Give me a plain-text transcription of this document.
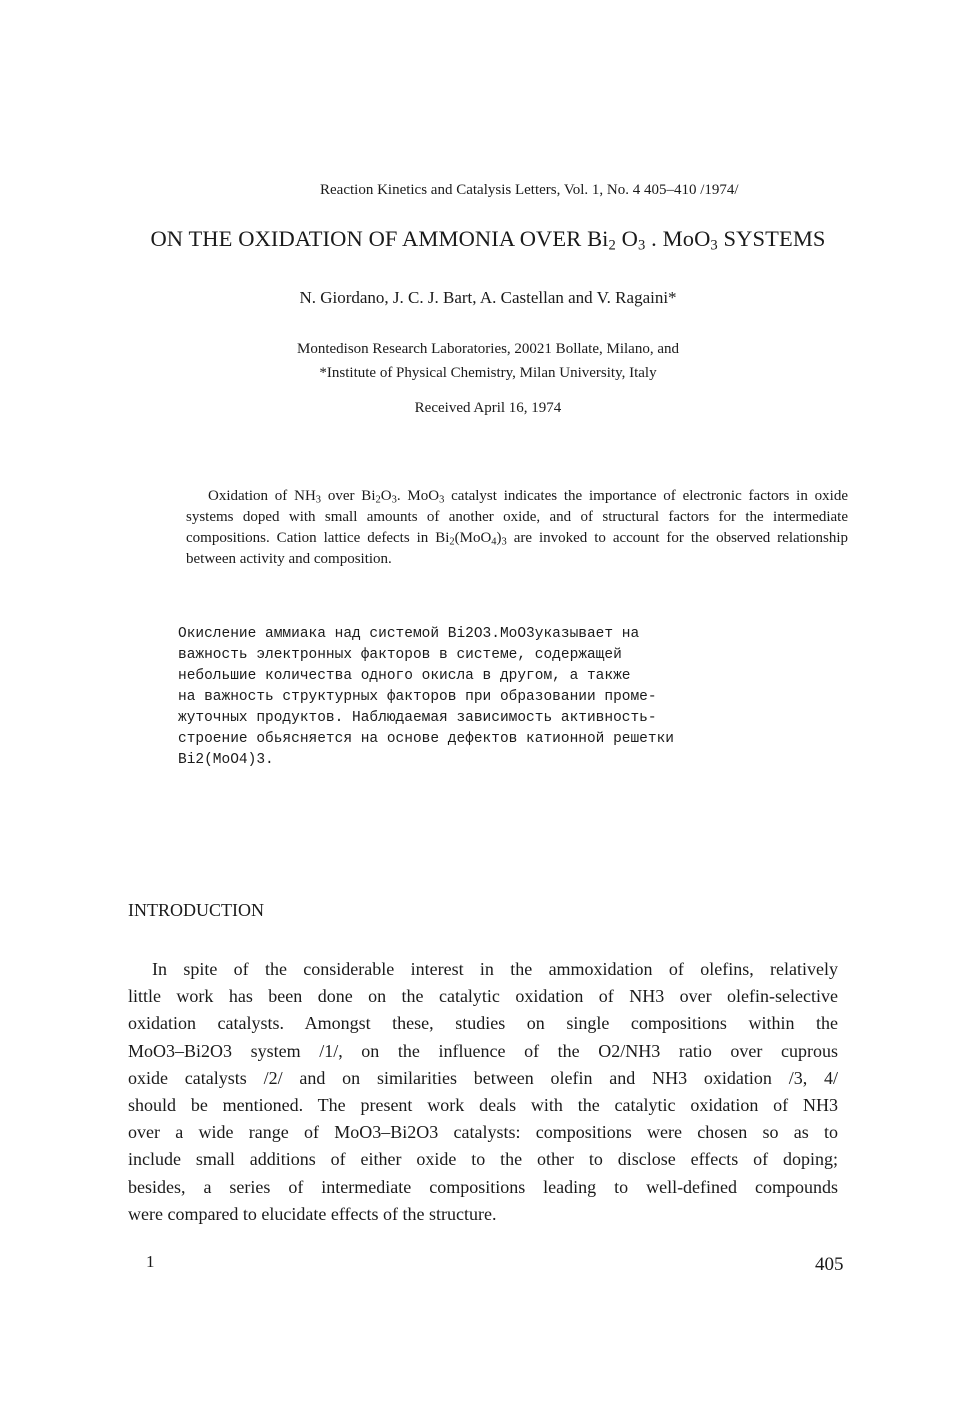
Reaction Kinetics and Catalysis Letters, Vol. 1, No. 4 405–410 /1974/
ON THE OXIDATION OF AMMONIA OVER $Bi_2$ $O_3$ . MoO$_3$ SYSTEMS
N. Giordano, J. C. J. Bart, A. Castellan and V. Ragaini*
Montedison Research Laboratories, 20021 Bollate, Milano, and
*Institute of Physical Chemistry, Milan University, Italy
Received April 16, 1974
Oxidation of $NH_3$ over $Bi_2O_3$. MoO$_3$ catalyst indicates the importance of electronic factors in oxide systems doped with small amounts of another oxide, and of structural factors for the intermediate compositions. Cation lattice defects in $Bi_2(MoO_4)_3$ are invoked to account for the observed relationship between activity and composition.
Окисление аммиака над системой Bi2O3.MoO3указывает на
важность электронных факторов в системе, содержащей
небольшие количества одного окисла в другом, а также
на важность структурных факторов при образовании проме-
жуточных продуктов. Наблюдаемая зависимость активность-
строение обьясняется на основе дефектов катионной решетки
Bi2(MoO4)3.
INTRODUCTION
In spite of the considerable interest in the ammoxidation of olefins, relatively
little work has been done on the catalytic oxidation of NH3 over olefin-selective
oxidation catalysts. Amongst these, studies on single compositions within the
MoO3–Bi2O3 system /1/, on the influence of the O2/NH3 ratio over cuprous
oxide catalysts /2/ and on similarities between olefin and NH3 oxidation /3, 4/
should be mentioned. The present work deals with the catalytic oxidation of NH3
over a wide range of MoO3–Bi2O3 catalysts: compositions were chosen so as to
include small additions of either oxide to the other to disclose effects of doping;
besides, a series of intermediate compositions leading to well-defined compounds
were compared to elucidate effects of the structure.
1	405
